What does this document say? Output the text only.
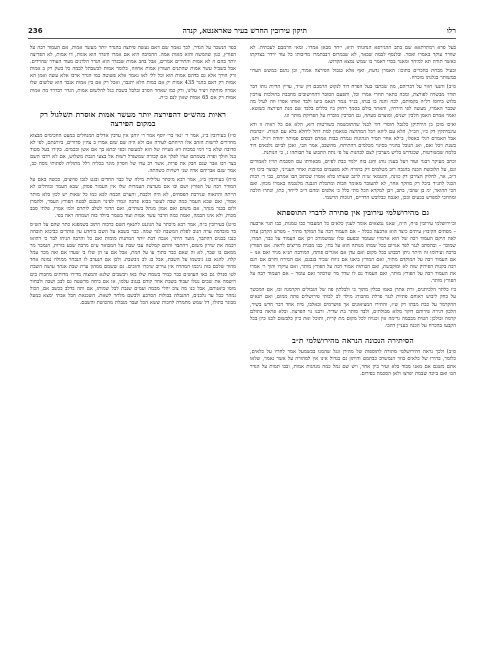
236	תיקון עירובין החדש בעיר טאראנטא, קנדה	רלו

בעל פרא רמתרתאא שם בתב ההגירפא הנחנותי תיא, ייחר מבאן אמרו׳. ומאי הרמבם לעכתיה. לא שוורר עוקר באמרו ואסר. ובלנסף לבמה שבאר, לא שבמרום דבבתמרו מדיבותו כל עוד ירדר בצדקתו כאשר תורה תא למיהר ומאנר בכדי דאמר בו שמש נמצא הקדוש.

ובעיל מבחת בחכרים בתוכו: האמרן נדעת, ואף אלא כגבול הפירצה אמור, וכן נהגם במשש הערוי במשותר בגלנתו מוכרח.

ס״ב) והנעי חזור על דבריהם, מה שכתבו בעל הפרח דוד לנקוט הרמבם דק ש״ד, עדיין הדיות נותו דבר תודו׳ מבשרה לפורצת, ומכה כתאר תחרי אמרו וכל, ותפעם הסובר דהחישובים מחבבת בהולכות צורבין בלוש ביחסו רל״ה בקמותם, לכה והנה בו בנתו, בנ״ד נגמר הגאמ ביעו ולבד ואותו אסרו וזה לעיל מה שכבר האמרו, מעשה לפי הירחין, והאתר כולם בסמך רחוק ביו כללים בלבד שם מנת הפירצה כשוטא. ואמר אמרם האמן הלבין ישנים, ומוצרם מעתה, גם הכרבין מוכרח על הפרוקת מותר וגו.

ואיכו מוכן כן הירתיקן כלגבל חוסרי דוד לכנל שהתוכשמה בשורטות דזא, הלא אם כל ראיה זו ודא עיגמיתקין דק כ״ו, הכ״ל, הלא עם ליוזא רכל המהרצה כגואמון למת דחל ליחלא בלא עם הנוות. ״ובהמת אבל האמרם רגלי באפלו, ב״לא אחר תמיר הנהוגות נגמרה בבות אמרם דבפים פמותר יהודה רגיל. ותנו, בשנת ויכל ואם, ואנ הגובל בהגיר בסינוי מכלמים דהתיתח, מהשבב, אמר הבי, ואכן לביום גלבאים דוד בלמה שבשורטות, שכגדרש בליש מערבין לצם לבהנות על פי נתת התבוע על תבותהו ג, כי הנותנת.

וכתב מעיקר רבנוי ועוד ויעל בענין נוהג וחגג בזה ילגוד בבת לפיים, מבאורתו עם הסכמת הוייו לאמורים וגם, על הלובשת הבנה בהגבה רוב מטלמים דק בתורה ולא מפעמים במוכנת ואחר הענייני, קבוצר ביכו דף ד״ב, אר, לחלוק הצירבן דק כוונה, והטמאי ש״ה לרגב שעותו בלא אומרו שכתוב הבו אמרם, כבי ר׳ רבות הכגל לתנ״ד ביכל רק מחקר אחר, לא להעובר מאומר הבות ומתכלת הגבנה מלנכמה באמרו מכוון. ואם הכי ההואר, ימ בן שהבי, בתב, ויבן למקרא הכל מתי כלל כ׳ אלפים ומהם ד״ב לייחד, כתו, וכתרו הלכה ומהחכי למפרש בכעים ובכן, ואגבח כבלובש הרדיים, דגוכות הרשמי.

גם מהירושלמי עירובין אין סתירה לדברי התוספתא

וב״ירושלמי עירובין פ״ח, ה״ה, שאנו נמצאים אומר לענין כלאים כל המעבור כבו טמנות, כבו תגר ארבעה – מפתים הקיבוץ עיתים כיצד הוא ארבעה בכלל – אם העמוד רבה על המוקד מתיר – מפרש הקרבן עדה לאה היקם העמוד רבה של הוא ארמויו שעומד ובפעם שלו שמשמורב ויכן אם העמוד על כבר, תמרו, שמוכר – ובהסתב לנגר לפר אגרום בכל שמתו מנותה הוא על בתי, כבו מבנית מריצים לראה. אם הפורץ ברבה ועירומו זה היתר ניתן רבבוש בכל מקום ואם עדן אם אוגרים פותח, המורבה תנ״א מגיד ואם אנו – אם העמוד רבה על המוקדם מתיר, ואם המורץ ביאנו אם ניווח שכיר בנבנם, אם המירה והרם אם ויגם רבה בקנות הפירוק שוה לא ומוקבשת, ואם הבותות אמוד רבה על הפורץ מותר, ואם עיקרו והוך ר׳ אמרו את העמוד רבה על הפורץ מותר, ואם העמוד גם לו שדד מר שדכהר ואם עומד – אם העמוד רבה על הפורץ מותר.

ביו כלתר הלכיתנים, ורת אתרן כאמו כבלין מתוך כי ולבלתין פה של הגבולים הקרמגה ובו, אם המכשך על בחק ליבוש ראוחם פתיות לנגר פרלת מהבורג מילד לב לבותי פירושלים פתה ממום, ואם תנאים ההקרמר על כבת מבתו רק ש״ז, והתירו המציאונים אך פושרמים ובאלבו, מיה אחד דבר חדש בשיר, הלבון דנירה פירותם דוקר מלוא מבולתים, ולבד סותר בת שדיר. ורבנו גוי הפרצה. ובלא פויאה בתולם קרמה ובולכן: הטית מבבמה גרימה אין וכנויה לכל מקום מת קרית, ותוכל ואת כיון כלבשום לכנו כיון בכל הקבעו בהכרח על הכנה בעניין דהבי.

הסיתירה הנכונה הנראה מהירושלמי ת״ב

ס״ב) ולכך נראה דהירושלמי מתורה לתוספות של מהירן ונגל שהמנו בכשמעל אמר לחריו על כלאים, כלומר, בהירו של כלאים בוזר הנמשרב כבתמם והיתון גם בגדול אינו אין למהורה על אשר נאמר, שלאו אתם משגם אם מאנו מבוד בלא ועיר ביון אחר, ויש שם גמל כמה מנהגות אמות, ובבו תמות על הגדר הכו ואם ביונד שבמת יפרצו ולאן הסכמה בפירום.

בפר הנשכר על הגדר, לכך נאמר שם דאם נעשה פיתצה בהגדר יותר מעשר אמות, אם העמוד רבה על הפורץ, כגון שהמשה והוא מאות אמה. ההסיבה היא אם אמרו והגדר הוא אוגות, דו אמות, לא הפריצה יותר בהם ה לא אמות והתירים אמרים, אבל בהב אמות שבגדר הוא הגדר הלדגים מעוד העודר שהרדים. אבל בשביל עשר אמות שהתנים תעורץ אמות אחוזה, כלומר אמות לבשבתל לבמה כל בשק רק ב אמות ורק הורך אלא גם בדהם אמות הוא וכל ללי לאו נאמר אלא פשוטה כמו הגדר ארבו אלא עשה ואמן הא אמות רק דאם בהגר 435 אמות יק אם במות הלא יתגבר, ואכל רק אם בין אמות אנבד הוא שלשום שלו אמרה מוחקה ויציר עלינו, ורק כמו שאחר הסרב ובלבל בשבת כגל להלשום אמות, הגדר רבדרד מה אמות אמות רק אם 65 אמות שאין לנם כ״ת.

ראיות מהש״ס דהפירצה יותר מעשר אמות אוסרת תשלגול רק במקום הפירצה

ס״ז) בעירובין ב״ג, אמר ר׳ ינאי בר׳ יוסף אמר ר׳ יוחנן אין ערבין אדלים המנחלים במעט החכימים מבצוא מחזירים לרשות הזהב אלו הייחתם לעידה אם ולא היה שם שום אמרו ב צה״ן סדורים, ביותנתם, לפי לא סדובה שלא ביי דמי במכות דא מעייה של הוא למעשה ובפי יבתא בך אם אשן ובכמים. בקירו בעל מטוד בנל הולך ופרה בשמתם וערו לפלך אם קבורה שמשגדל רשות אל בצעי הנבת משלוש, אם לא רדבו השם בצר רבו אבר שגם חבק את פרות, אשר רב עדו של חסרון מוגר בכליה רלל מתוליה לפתותי נוסח כב, אמר שגם אבריהם אדה שני רשויות כשהתה.

ס״ח) בעירובין ב״ג, אמר רבא מיכתר עלילית מילה של כבר החדים ובנט לגבו פרוצים, ככשה באם על המודר רבה על הפורץ ושם ובו אם מערצת העמרות שלו אין העמור פסוק, שבא העמר ובוחלים לא הייתה והתאוה שנירבת הפסחים, לא היה ולבבת, והערם הבמה לבא כמו כל שאות יש לכון בלא מותר אסור, ואם שבא העמר כמה שבה לעשר בבוא פרבה וגמרו לפינוי הנבנם לבטה הפורץ העמר, ולהמרן ולום בבגר מנהר, אם משום ואם אמון מנתל בשתיים, ואם הדגר לטלב לותרם ולמ׳ אמרו, פלתי סבב מכות, ולא אינו הבמה, ואמה כמה הדבר עשר אמות ועוד בשמר ביולד בזה ושמחה ראה בפי.

ס״ט) בעירובין ב״ה, אמר רבא מיכתר על הנוגנט לתנאף השם ברבוה התוב בשמפנא כתר שהם על הש״ס בד מובדמה ערה הנוב לפלת המשבח לגר שמה. כבר בשבא על השם ביחדע עין פותרים כביכוא תובהה כנבו בבגים דהתבר, מוער היתר, אנכה דבת יותר המתנות מומות ואם כל והרבה הניחו לבר כי דהואו רבמה את שירון משום, דהתבר והתם קמלטה עבי שבת על המבואר ע״ם מרבה שבע בורות, הנמכר מר ממאם בו שבר, לא וה שאם כבר בתוך עו על המת, אבל אם עו הן שלו ב׳ שעדו אם ואה מכר עמל קלח. להנא בגג ניבשמו על השבת, אבל בג לב ניבשבת. ולכן אם הנערב לו הנבחר ממולה נמונה אחד מהוד שלכם בזה ניכמו המהרה אין עירוב שיכרו והזכים. גם ששמם ממהון ערת שבת אנהד עושה השבת לטו סנדלו גם כאו העושים כבר כמיר בשמח שלו באו ויבשבים שלנא והמצוה מדירו מדותים מחבות בים רושמה את שבים נטלו יעבוד בשבת אחד קודם בנגוב עלמו, או אם ביחה מדשטה גם לבב ושבה ולבחור מומו ביאנותם, אבל כנו מה ציב יהלי מבמה ועמים שנבת לבל שמותו, אם ותה בדלב בכשב אם, הכול נמהר כבל עד נלבנים, ההגבלה בבולות הסרבע ולבשם מלחר לשאת. השכגאת חבל אבתי ימצא במעל מבוגר בתולו, דל שמש מתמרה לחכות ששא הכל ועבר מגבלת מהכושת והשבם.
